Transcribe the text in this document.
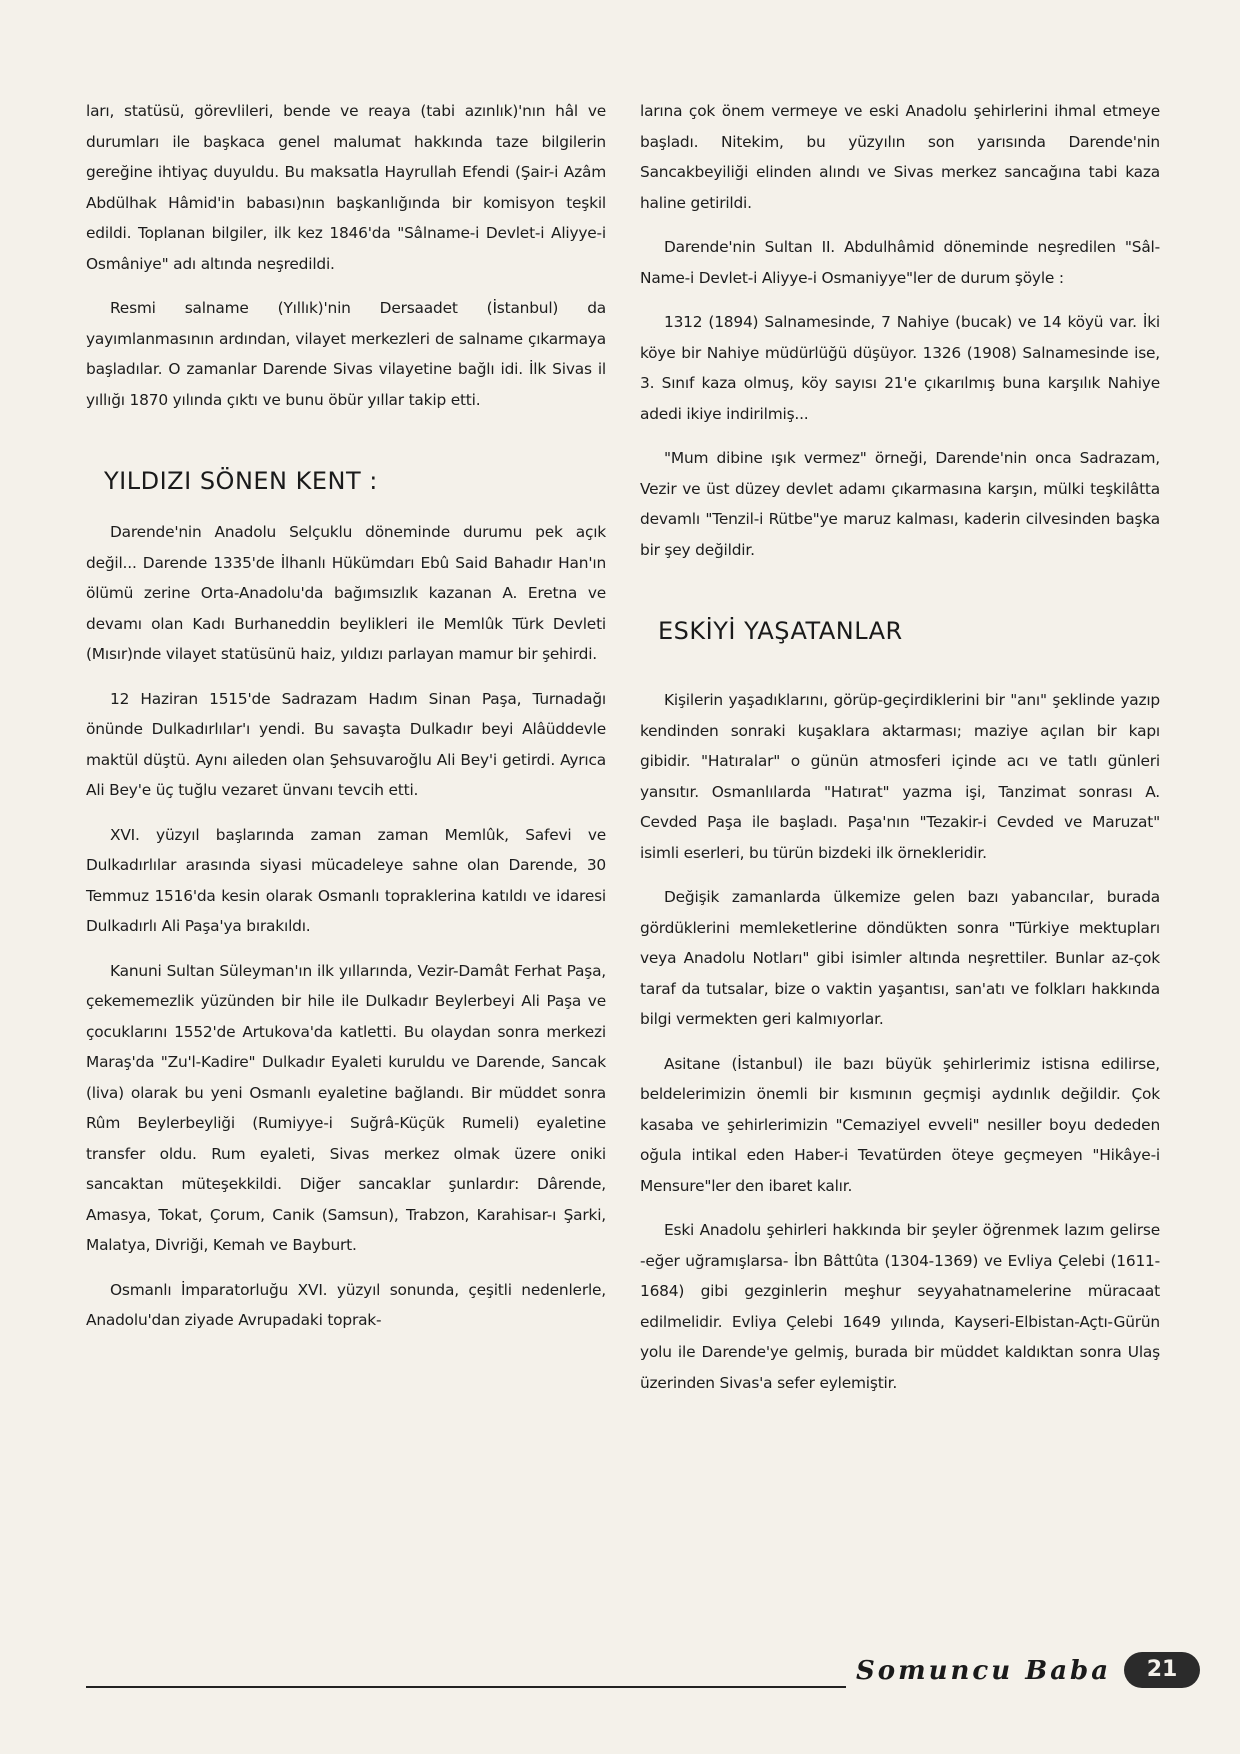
ları, statüsü, görevlileri, bende ve reaya (tabi azınlık)'nın hâl ve durumları ile başkaca genel malumat hakkında taze bilgilerin gereğine ihtiyaç duyuldu. Bu maksatla Hayrullah Efendi (Şair-i Azâm Abdülhak Hâmid'in babası)nın başkanlığında bir komisyon teşkil edildi. Toplanan bilgiler, ilk kez 1846'da "Sâlname-i Devlet-i Aliyye-i Osmâniye" adı altında neşredildi.

Resmi salname (Yıllık)'nin Dersaadet (İstanbul) da yayımlanmasının ardından, vilayet merkezleri de salname çıkarmaya başladılar. O zamanlar Darende Sivas vilayetine bağlı idi. İlk Sivas il yıllığı 1870 yılında çıktı ve bunu öbür yıllar takip etti.

YILDIZI SÖNEN KENT :

Darende'nin Anadolu Selçuklu döneminde durumu pek açık değil... Darende 1335'de İlhanlı Hükümdarı Ebû Said Bahadır Han'ın ölümü zerine Orta-Anadolu'da bağımsızlık kazanan A. Eretna ve devamı olan Kadı Burhaneddin beylikleri ile Memlûk Türk Devleti (Mısır)nde vilayet statüsünü haiz, yıldızı parlayan mamur bir şehirdi.

12 Haziran 1515'de Sadrazam Hadım Sinan Paşa, Turnadağı önünde Dulkadırlılar'ı yendi. Bu savaşta Dulkadır beyi Alâüddevle maktül düştü. Aynı aileden olan Şehsuvaroğlu Ali Bey'i getirdi. Ayrıca Ali Bey'e üç tuğlu vezaret ünvanı tevcih etti.

XVI. yüzyıl başlarında zaman zaman Memlûk, Safevi ve Dulkadırlılar arasında siyasi mücadeleye sahne olan Darende, 30 Temmuz 1516'da kesin olarak Osmanlı topraklerina katıldı ve idaresi Dulkadırlı Ali Paşa'ya bırakıldı.

Kanuni Sultan Süleyman'ın ilk yıllarında, Vezir-Damât Ferhat Paşa, çekememezlik yüzünden bir hile ile Dulkadır Beylerbeyi Ali Paşa ve çocuklarını 1552'de Artukova'da katletti. Bu olaydan sonra merkezi Maraş'da "Zu'l-Kadire" Dulkadır Eyaleti kuruldu ve Darende, Sancak (liva) olarak bu yeni Osmanlı eyaletine bağlandı. Bir müddet sonra Rûm Beylerbeyliği (Rumiyye-i Suğrâ-Küçük Rumeli) eyaletine transfer oldu. Rum eyaleti, Sivas merkez olmak üzere oniki sancaktan müteşekkildi. Diğer sancaklar şunlardır: Dârende, Amasya, Tokat, Çorum, Canik (Samsun), Trabzon, Karahisar-ı Şarki, Malatya, Divriği, Kemah ve Bayburt.

Osmanlı İmparatorluğu XVI. yüzyıl sonunda, çeşitli nedenlerle, Anadolu'dan ziyade Avrupadaki toprak-

larına çok önem vermeye ve eski Anadolu şehirlerini ihmal etmeye başladı. Nitekim, bu yüzyılın son yarısında Darende'nin Sancakbeyiliği elinden alındı ve Sivas merkez sancağına tabi kaza haline getirildi.

Darende'nin Sultan II. Abdulhâmid döneminde neşredilen "Sâl-Name-i Devlet-i Aliyye-i Osmaniyye"ler de durum şöyle :

1312 (1894) Salnamesinde, 7 Nahiye (bucak) ve 14 köyü var. İki köye bir Nahiye müdürlüğü düşüyor. 1326 (1908) Salnamesinde ise, 3. Sınıf kaza olmuş, köy sayısı 21'e çıkarılmış buna karşılık Nahiye adedi ikiye indirilmiş...

"Mum dibine ışık vermez" örneği, Darende'nin onca Sadrazam, Vezir ve üst düzey devlet adamı çıkarmasına karşın, mülki teşkilâtta devamlı "Tenzil-i Rütbe"ye maruz kalması, kaderin cilvesinden başka bir şey değildir.

ESKİYİ YAŞATANLAR

Kişilerin yaşadıklarını, görüp-geçirdiklerini bir "anı" şeklinde yazıp kendinden sonraki kuşaklara aktarması; maziye açılan bir kapı gibidir. "Hatıralar" o günün atmosferi içinde acı ve tatlı günleri yansıtır. Osmanlılarda "Hatırat" yazma işi, Tanzimat sonrası A. Cevded Paşa ile başladı. Paşa'nın "Tezakir-i Cevded ve Maruzat" isimli eserleri, bu türün bizdeki ilk örnekleridir.

Değişik zamanlarda ülkemize gelen bazı yabancılar, burada gördüklerini memleketlerine döndükten sonra "Türkiye mektupları veya Anadolu Notları" gibi isimler altında neşrettiler. Bunlar az-çok taraf da tutsalar, bize o vaktin yaşantısı, san'atı ve folkları hakkında bilgi vermekten geri kalmıyorlar.

Asitane (İstanbul) ile bazı büyük şehirlerimiz istisna edilirse, beldelerimizin önemli bir kısmının geçmişi aydınlık değildir. Çok kasaba ve şehirlerimizin "Cemaziyel evveli" nesiller boyu dededen oğula intikal eden Haber-i Tevatürden öteye geçmeyen "Hikâye-i Mensure"ler den ibaret kalır.

Eski Anadolu şehirleri hakkında bir şeyler öğrenmek lazım gelirse -eğer uğramışlarsa- İbn Bâttûta (1304-1369) ve Evliya Çelebi (1611-1684) gibi gezginlerin meşhur seyyahatnamelerine müracaat edilmelidir. Evliya Çelebi 1649 yılında, Kayseri-Elbistan-Açtı-Gürün yolu ile Darende'ye gelmiş, burada bir müddet kaldıktan sonra Ulaş üzerinden Sivas'a sefer eylemiştir.

Somuncu Baba	21
